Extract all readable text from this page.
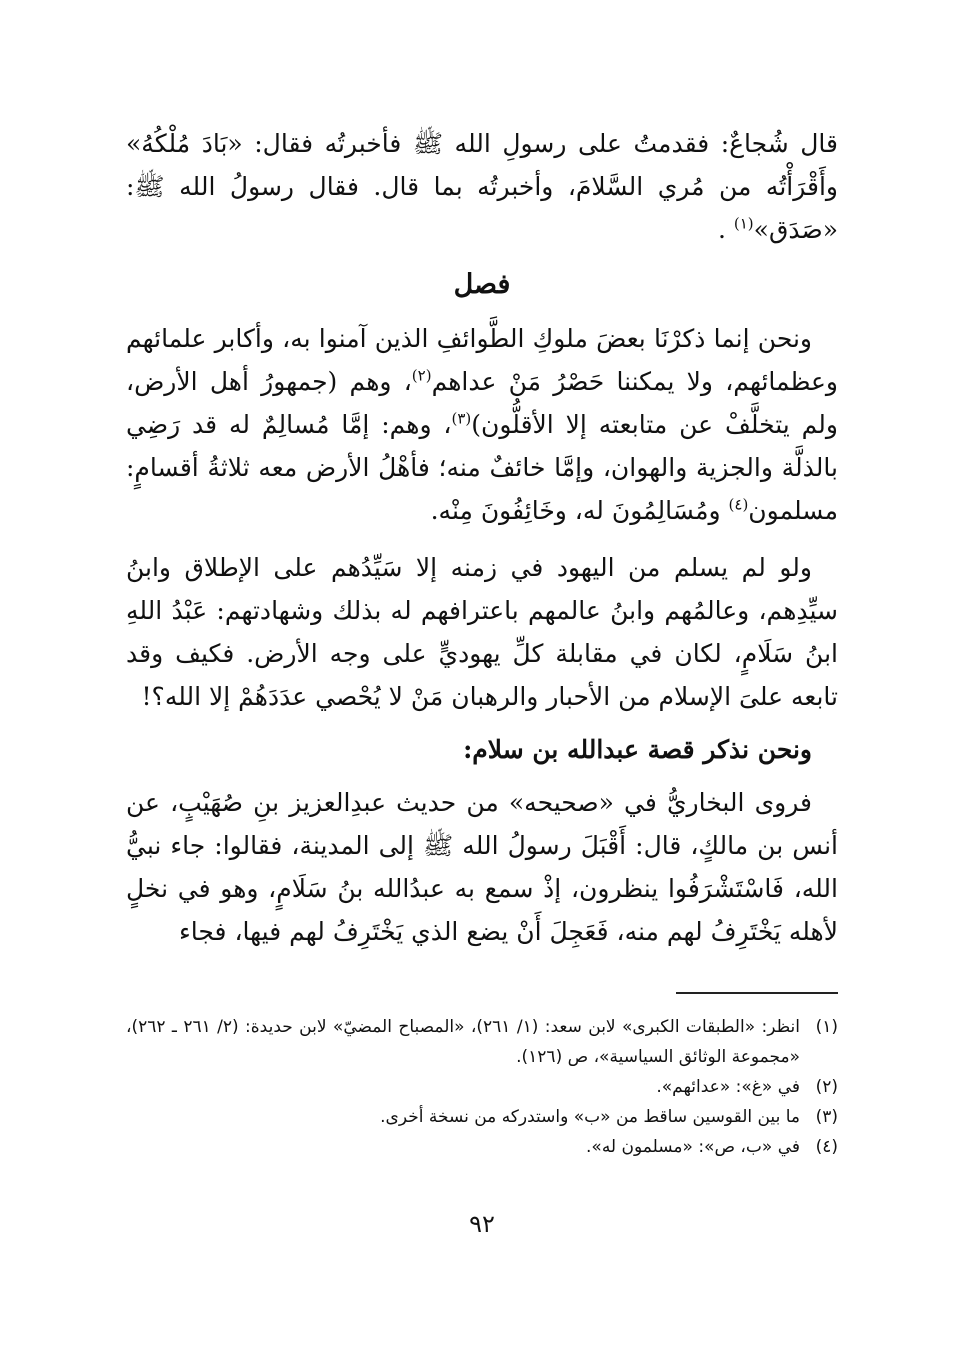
قال شُجاعٌ: فقدمتُ على رسولِ الله ﷺ فأخبرتُه فقال: «بَادَ مُلْكُهُ» وأَقْرَأْتُه من مُري السَّلامَ، وأخبرتُه بما قال. فقال رسولُ الله ﷺ: «صَدَق»$^{(١)}$ .

فصل

ونحن إنما ذكرْنَا بعضَ ملوكِ الطَّوائفِ الذين آمنوا به، وأكابر علمائهم وعظمائهم، ولا يمكننا حَصْرُ مَنْ عداهم$^{(٢)}$، وهم (جمهورُ أهل الأرض، ولم يتخلَّفْ عن متابعته إلا الأقلُّون)$^{(٣)}$، وهم: إمَّا مُسالِمٌ له قد رَضِي بالذلَّة والجزية والهوان، وإمَّا خائفٌ منه؛ فأهْلُ الأرض معه ثلاثةُ أقسامٍ: مسلمون$^{(٤)}$ ومُسَالِمُونَ له، وخَائِفُونَ مِنْه.

ولو لم يسلم من اليهود في زمنه إلا سَيِّدُهم على الإطلاق وابنُ سيِّدِهم، وعالمُهم وابنُ عالمهم باعترافهم له بذلك وشهادتهم: عَبْدُ اللهِ ابنُ سَلَامٍ، لكان في مقابلة كلِّ يهوديٍّ على وجه الأرض. فكيف وقد تابعه علىَ الإسلام من الأحبار والرهبان مَنْ لا يُحْصي عدَدَهُمْ إلا الله؟!

ونحن نذكر قصة عبدالله بن سلام:

فروى البخاريُّ في «صحيحه» من حديث عبدِالعزيز بنِ صُهَيْبٍ، عن أنس بن مالكٍ، قال: أَقْبَلَ رسولُ الله ﷺ إلى المدينة، فقالوا: جاء نبيُّ الله، فَاسْتَشْرَفُوا ينظرون، إذْ سمع به عبدُالله بنُ سَلَامٍ، وهو في نخلٍ لأهله يَخْتَرِفُ لهم منه، فَعَجِلَ أَنْ يضع الذي يَخْتَرِفُ لهم فيها، فجاء

(١)
انظر: «الطبقات الكبرى» لابن سعد: (١/ ٢٦١)، «المصباح المضيّ» لابن حديدة: (٢/ ٢٦١ ـ ٢٦٢)، «مجموعة الوثائق السياسية»، ص (١٢٦).
(٢)
في «غ»: «عدائهم».
(٣)
ما بين القوسين ساقط من «ب» واستدركه من نسخة أخرى.
(٤)
في «ب، ص»: «مسلمون له».
٩٢
